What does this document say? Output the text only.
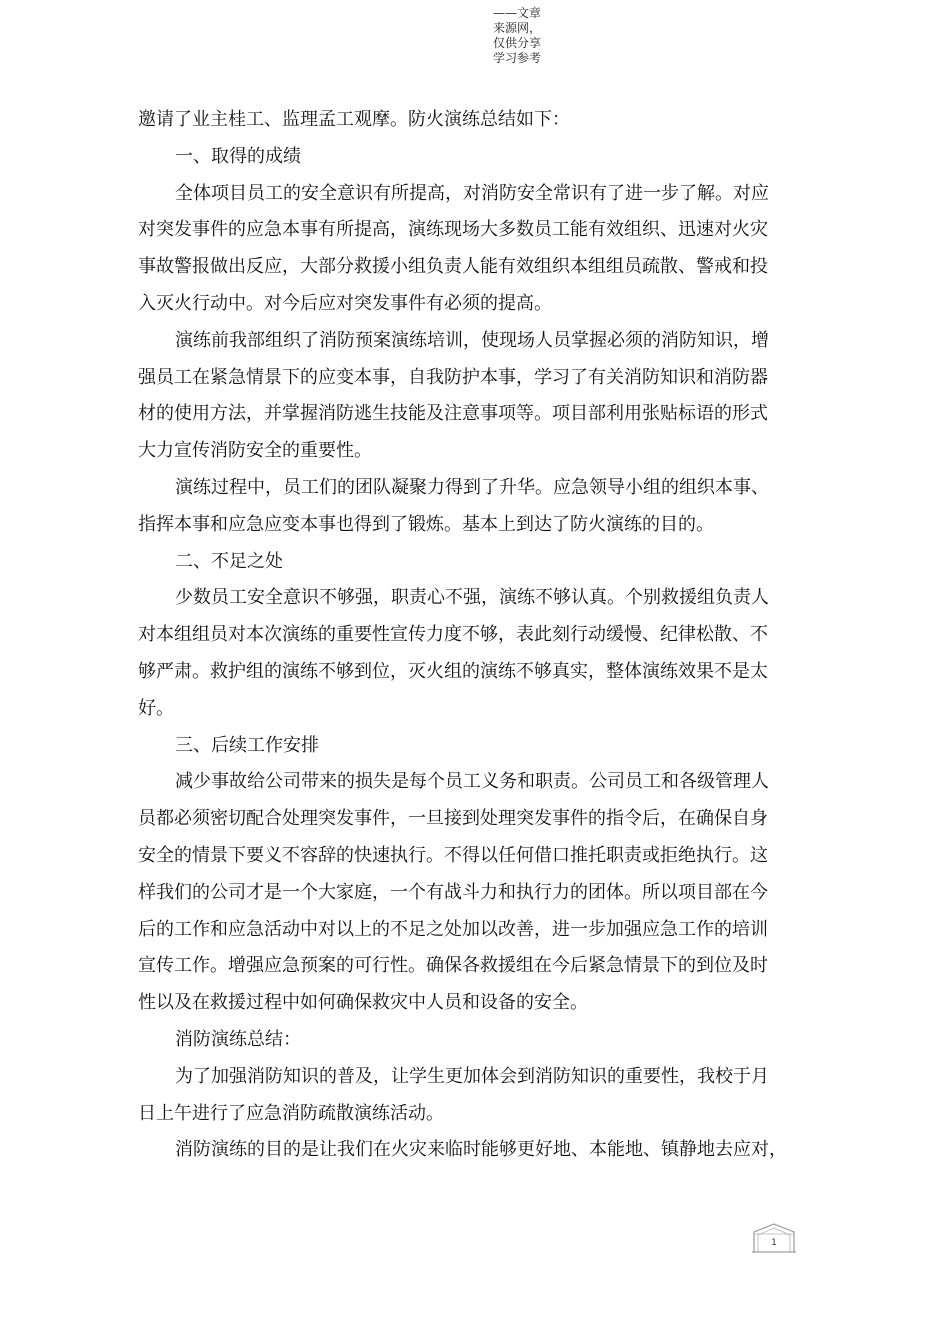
——文章来源网，仅供分享学习参考
邀请了业主桂工、监理孟工观摩。防火演练总结如下：
一、取得的成绩
全体项目员工的安全意识有所提高，对消防安全常识有了进一步了解。对应
对突发事件的应急本事有所提高，演练现场大多数员工能有效组织、迅速对火灾
事故警报做出反应，大部分救援小组负责人能有效组织本组组员疏散、警戒和投
入灭火行动中。对今后应对突发事件有必须的提高。
演练前我部组织了消防预案演练培训，使现场人员掌握必须的消防知识，增
强员工在紧急情景下的应变本事，自我防护本事，学习了有关消防知识和消防器
材的使用方法，并掌握消防逃生技能及注意事项等。项目部利用张贴标语的形式
大力宣传消防安全的重要性。
演练过程中，员工们的团队凝聚力得到了升华。应急领导小组的组织本事、
指挥本事和应急应变本事也得到了锻炼。基本上到达了防火演练的目的。
二、不足之处
少数员工安全意识不够强，职责心不强，演练不够认真。个别救援组负责人
对本组组员对本次演练的重要性宣传力度不够，表此刻行动缓慢、纪律松散、不
够严肃。救护组的演练不够到位，灭火组的演练不够真实，整体演练效果不是太
好。
三、后续工作安排
减少事故给公司带来的损失是每个员工义务和职责。公司员工和各级管理人
员都必须密切配合处理突发事件，一旦接到处理突发事件的指令后，在确保自身
安全的情景下要义不容辞的快速执行。不得以任何借口推托职责或拒绝执行。这
样我们的公司才是一个大家庭，一个有战斗力和执行力的团体。所以项目部在今
后的工作和应急活动中对以上的不足之处加以改善，进一步加强应急工作的培训
宣传工作。增强应急预案的可行性。确保各救援组在今后紧急情景下的到位及时
性以及在救援过程中如何确保救灾中人员和设备的安全。
消防演练总结：
为了加强消防知识的普及，让学生更加体会到消防知识的重要性，我校于月
日上午进行了应急消防疏散演练活动。
消防演练的目的是让我们在火灾来临时能够更好地、本能地、镇静地去应对，
1
